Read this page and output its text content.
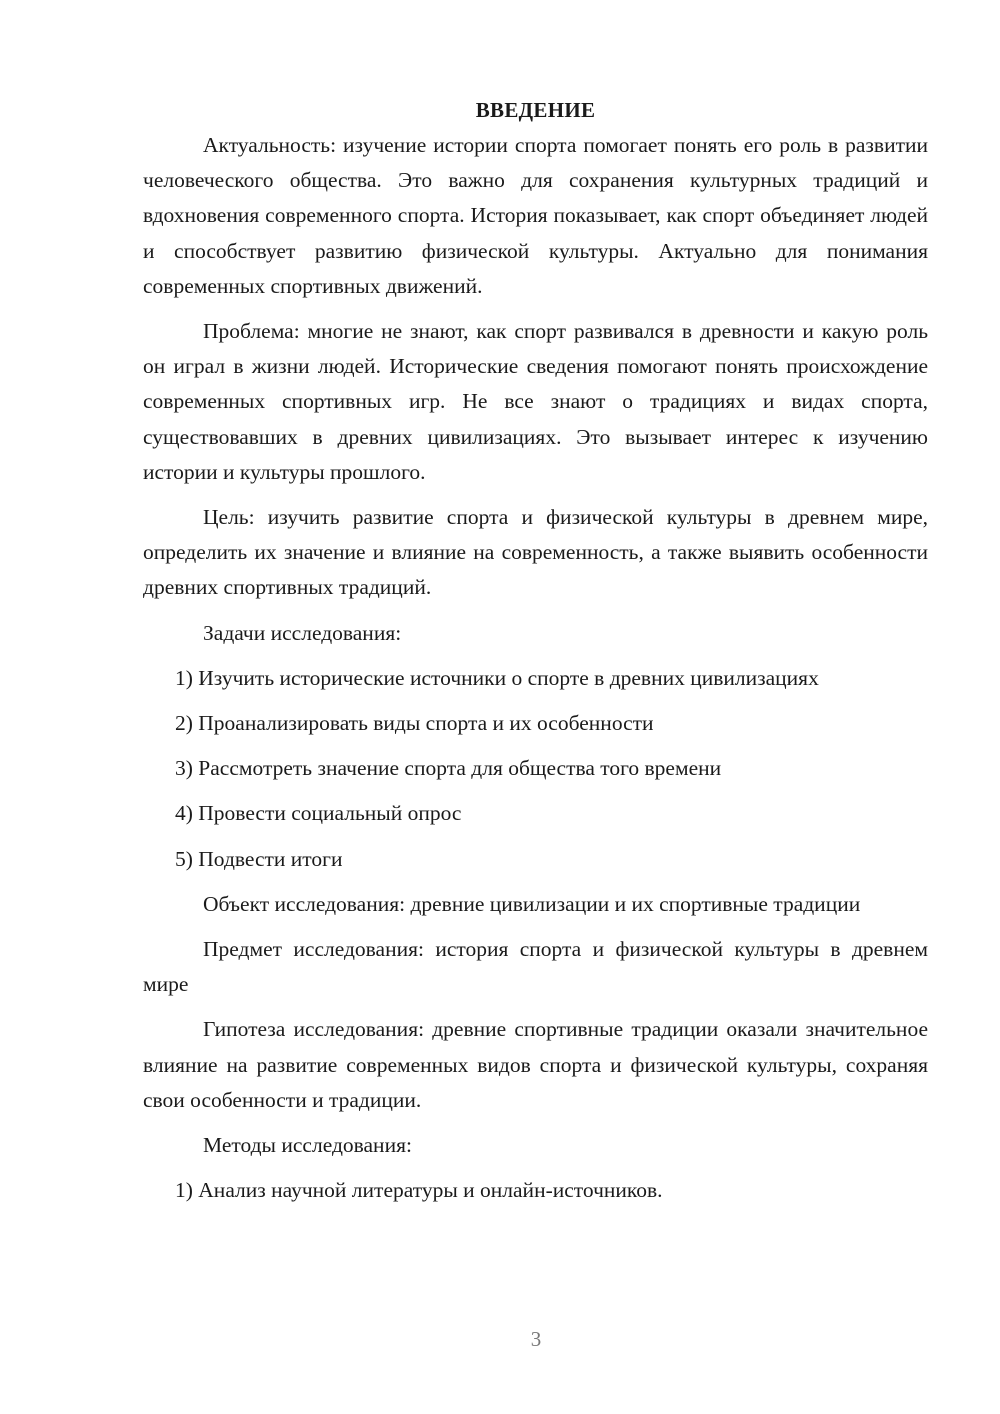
ВВЕДЕНИЕ

Актуальность: изучение истории спорта помогает понять его роль в развитии человеческого общества. Это важно для сохранения культурных традиций и вдохновения современного спорта. История показывает, как спорт объединяет людей и способствует развитию физической культуры. Актуально для понимания современных спортивных движений.

Проблема: многие не знают, как спорт развивался в древности и какую роль он играл в жизни людей. Исторические сведения помогают понять происхождение современных спортивных игр. Не все знают о традициях и видах спорта, существовавших в древних цивилизациях. Это вызывает интерес к изучению истории и культуры прошлого.

Цель: изучить развитие спорта и физической культуры в древнем мире, определить их значение и влияние на современность, а также выявить особенности древних спортивных традиций.

Задачи исследования:
1) Изучить исторические источники о спорте в древних цивилизациях
2) Проанализировать виды спорта и их особенности
3) Рассмотреть значение спорта для общества того времени
4) Провести социальный опрос
5) Подвести итоги

Объект исследования: древние цивилизации и их спортивные традиции

Предмет исследования: история спорта и физической культуры в древнем мире

Гипотеза исследования: древние спортивные традиции оказали значительное влияние на развитие современных видов спорта и физической культуры, сохраняя свои особенности и традиции.

Методы исследования:
1) Анализ научной литературы и онлайн-источников.
3
